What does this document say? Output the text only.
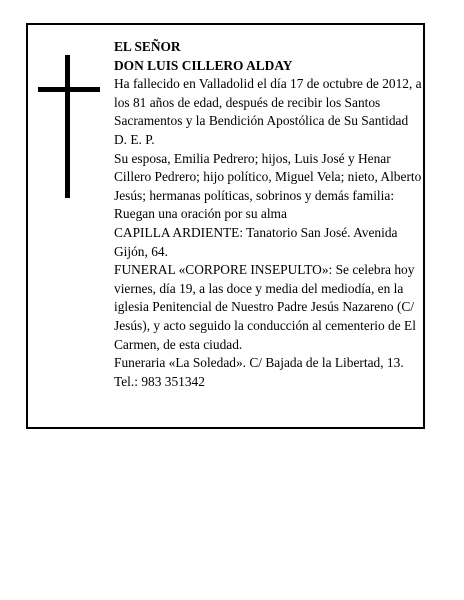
EL SEÑOR

DON LUIS CILLERO ALDAY

Ha fallecido en Valladolid el día 17 de octubre de 2012, a los 81 años de edad, después de recibir los Santos Sacramentos y la Bendición Apostólica de Su Santidad D. E. P.

Su esposa, Emilia Pedrero; hijos, Luis José y Henar Cillero Pedrero; hijo político, Miguel Vela; nieto, Alberto Jesús; hermanas políticas, sobrinos y demás familia:

Ruegan una oración por su alma

CAPILLA ARDIENTE: Tanatorio San José. Avenida Gijón, 64.

FUNERAL «CORPORE INSEPULTO»: Se celebra hoy viernes, día 19, a las doce y media del mediodía, en la iglesia Penitencial de Nuestro Padre Jesús Nazareno (C/ Jesús), y acto seguido la conducción al cementerio de El Carmen, de esta ciudad.

Funeraria «La Soledad». C/ Bajada de la Libertad, 13. Tel.: 983 351342
